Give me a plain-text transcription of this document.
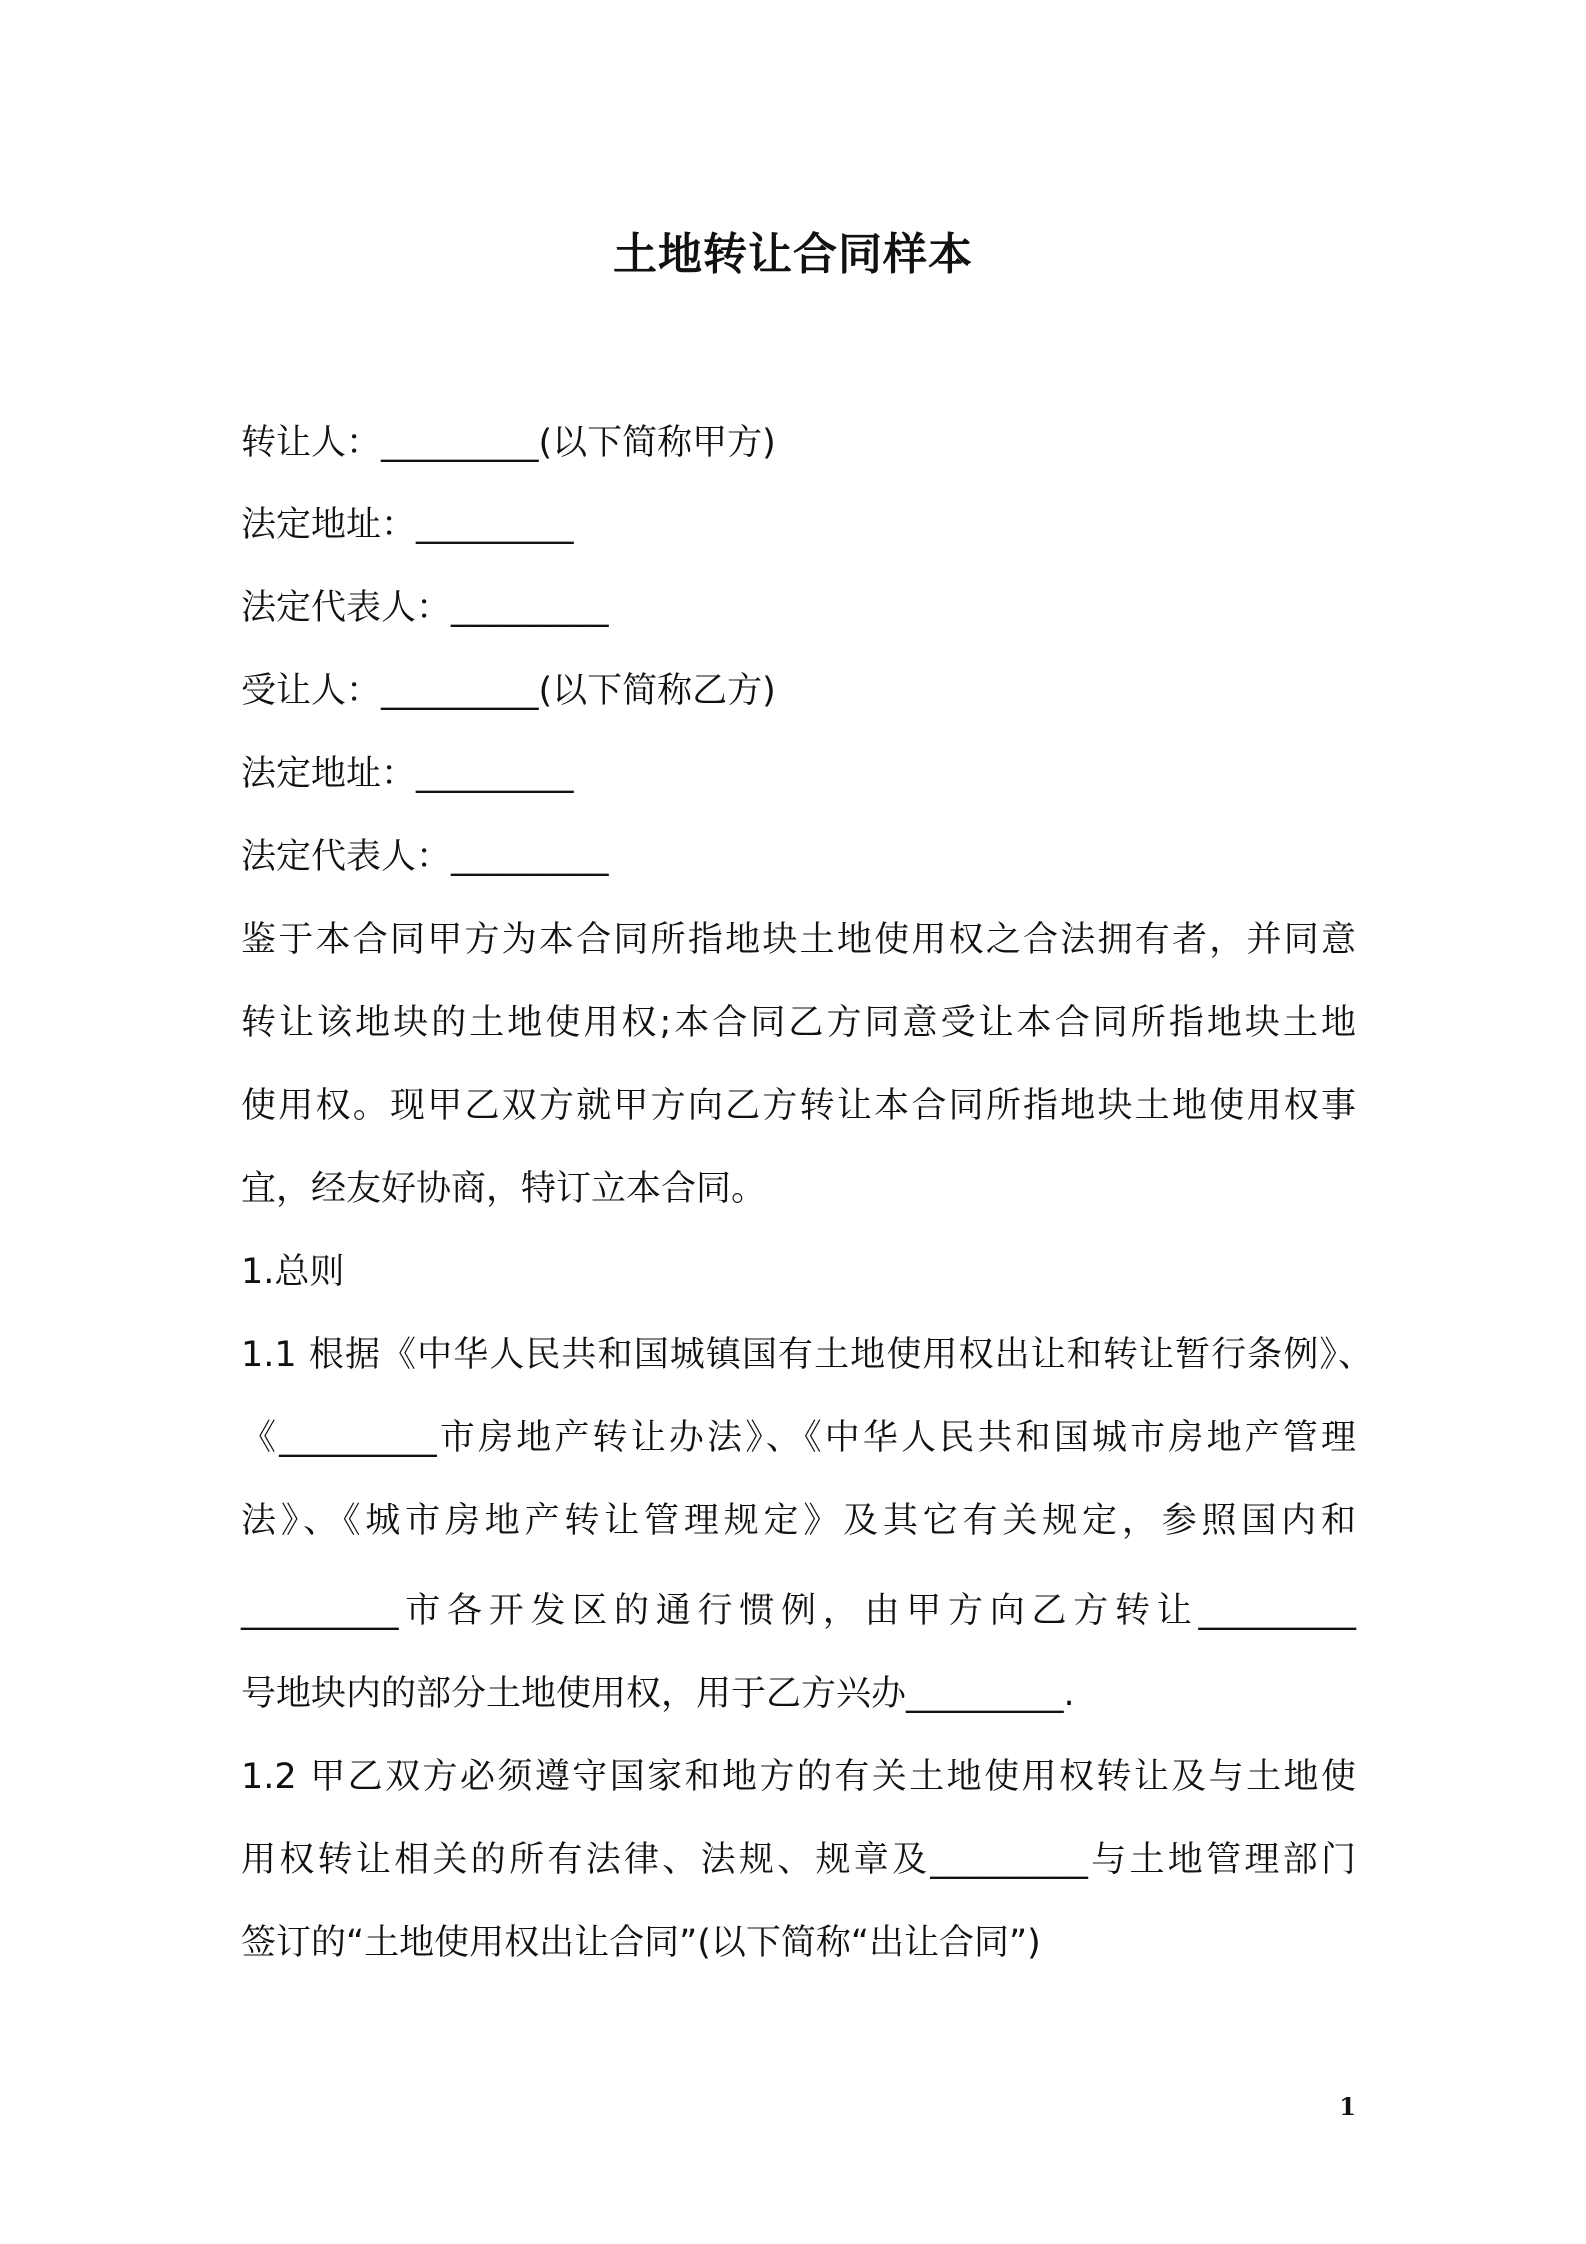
土地转让合同样本
转让人：_________(以下简称甲方)
法定地址：_________
法定代表人：_________
受让人：_________(以下简称乙方)
法定地址：_________
法定代表人：_________
鉴于本合同甲方为本合同所指地块土地使用权之合法拥有者，并同意
转让该地块的土地使用权;本合同乙方同意受让本合同所指地块土地
使用权。现甲乙双方就甲方向乙方转让本合同所指地块土地使用权事
宜，经友好协商，特订立本合同。
1.总则
1.1 根据《中华人民共和国城镇国有土地使用权出让和转让暂行条例》、
《_________市房地产转让办法》、《中华人民共和国城市房地产管理
法》、《城市房地产转让管理规定》及其它有关规定，参照国内和
_________市各开发区的通行惯例，由甲方向乙方转让_________
号地块内的部分土地使用权，用于乙方兴办_________.
1.2 甲乙双方必须遵守国家和地方的有关土地使用权转让及与土地使
用权转让相关的所有法律、法规、规章及_________与土地管理部门
签订的“土地使用权出让合同”(以下简称“出让合同”)
1
